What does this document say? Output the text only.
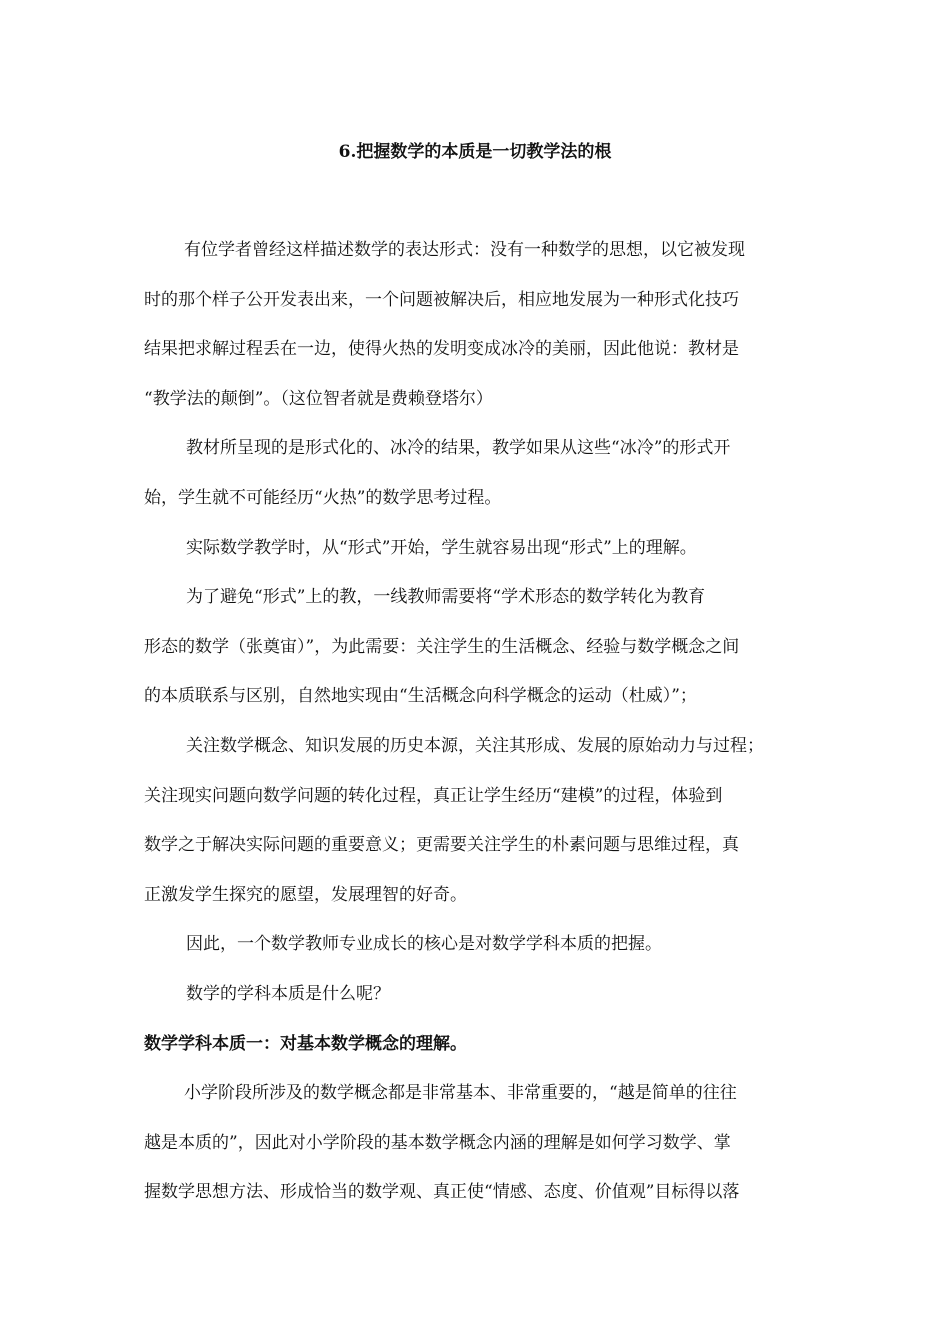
6.把握数学的本质是一切教学法的根
有位学者曾经这样描述数学的表达形式：没有一种数学的思想，以它被发现
时的那个样子公开发表出来，一个问题被解决后，相应地发展为一种形式化技巧
结果把求解过程丢在一边，使得火热的发明变成冰冷的美丽，因此他说：教材是
“教学法的颠倒”。（这位智者就是费赖登塔尔）
教材所呈现的是形式化的、冰冷的结果，教学如果从这些“冰冷”的形式开
始，学生就不可能经历“火热”的数学思考过程。
实际数学教学时，从“形式”开始，学生就容易出现“形式”上的理解。
为了避免“形式”上的教，一线教师需要将“学术形态的数学转化为教育
形态的数学（张奠宙）”，为此需要：关注学生的生活概念、经验与数学概念之间
的本质联系与区别，自然地实现由“生活概念向科学概念的运动（杜威）”；
关注数学概念、知识发展的历史本源，关注其形成、发展的原始动力与过程；
关注现实问题向数学问题的转化过程，真正让学生经历“建模”的过程，体验到
数学之于解决实际问题的重要意义；更需要关注学生的朴素问题与思维过程，真
正激发学生探究的愿望，发展理智的好奇。
因此，一个数学教师专业成长的核心是对数学学科本质的把握。
数学的学科本质是什么呢？
数学学科本质一：对基本数学概念的理解。
小学阶段所涉及的数学概念都是非常基本、非常重要的，“越是简单的往往
越是本质的”，因此对小学阶段的基本数学概念内涵的理解是如何学习数学、掌
握数学思想方法、形成恰当的数学观、真正使“情感、态度、价值观”目标得以落
